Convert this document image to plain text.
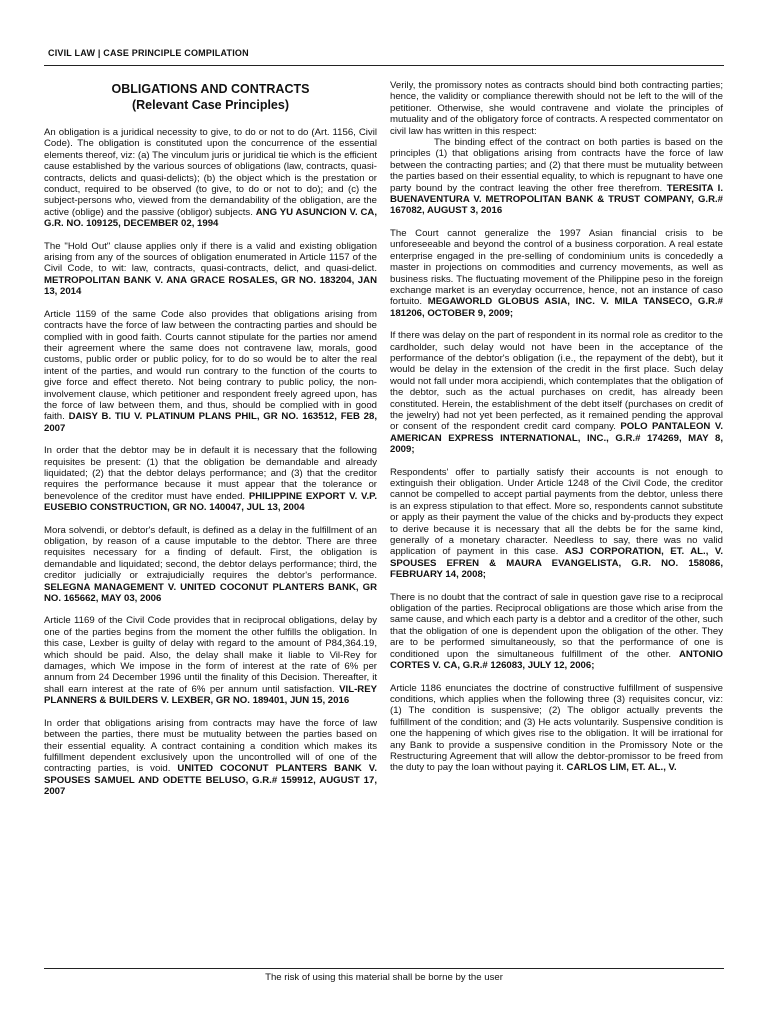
CIVIL LAW | CASE PRINCIPLE COMPILATION
OBLIGATIONS AND CONTRACTS
(Relevant Case Principles)

An obligation is a juridical necessity to give, to do or not to do (Art. 1156, Civil Code). The obligation is constituted upon the concurrence of the essential elements thereof, viz: (a) The vinculum juris or juridical tie which is the efficient cause established by the various sources of obligations (law, contracts, quasi-contracts, delicts and quasi-delicts); (b) the object which is the prestation or conduct, required to be observed (to give, to do or not to do); and (c) the subject-persons who, viewed from the demandability of the obligation, are the active (oblige) and the passive (obligor) subjects. ANG YU ASUNCION V. CA, G.R. NO. 109125, DECEMBER 02, 1994

The "Hold Out" clause applies only if there is a valid and existing obligation arising from any of the sources of obligation enumerated in Article 1157 of the Civil Code, to wit: law, contracts, quasi-contracts, delict, and quasi-delict. METROPOLITAN BANK V. ANA GRACE ROSALES, GR NO. 183204, JAN 13, 2014

Article 1159 of the same Code also provides that obligations arising from contracts have the force of law between the contracting parties and should be complied with in good faith. Courts cannot stipulate for the parties nor amend their agreement where the same does not contravene law, morals, good customs, public order or public policy, for to do so would be to alter the real intent of the parties, and would run contrary to the function of the courts to give force and effect thereto. Not being contrary to public policy, the non-involvement clause, which petitioner and respondent freely agreed upon, has the force of law between them, and thus, should be complied with in good faith. DAISY B. TIU V. PLATINUM PLANS PHIL, GR NO. 163512, FEB 28, 2007

In order that the debtor may be in default it is necessary that the following requisites be present: (1) that the obligation be demandable and already liquidated; (2) that the debtor delays performance; and (3) that the creditor requires the performance because it must appear that the tolerance or benevolence of the creditor must have ended. PHILIPPINE EXPORT V. V.P. EUSEBIO CONSTRUCTION, GR NO. 140047, JUL 13, 2004

Mora solvendi, or debtor's default, is defined as a delay in the fulfillment of an obligation, by reason of a cause imputable to the debtor. There are three requisites necessary for a finding of default. First, the obligation is demandable and liquidated; second, the debtor delays performance; third, the creditor judicially or extrajudicially requires the debtor's performance. SELEGNA MANAGEMENT V. UNITED COCONUT PLANTERS BANK, GR NO. 165662, MAY 03, 2006

Article 1169 of the Civil Code provides that in reciprocal obligations, delay by one of the parties begins from the moment the other fulfills the obligation. In this case, Lexber is guilty of delay with regard to the amount of P84,364.19, which should be paid. Also, the delay shall make it liable to Vil-Rey for damages, which We impose in the form of interest at the rate of 6% per annum from 24 December 1996 until the finality of this Decision. Thereafter, it shall earn interest at the rate of 6% per annum until satisfaction. VIL-REY PLANNERS & BUILDERS V. LEXBER, GR NO. 189401, JUN 15, 2016

In order that obligations arising from contracts may have the force of law between the parties, there must be mutuality between the parties based on their essential equality. A contract containing a condition which makes its fulfillment dependent exclusively upon the uncontrolled will of one of the contracting parties, is void. UNITED COCONUT PLANTERS BANK V. SPOUSES SAMUEL AND ODETTE BELUSO, G.R.# 159912, AUGUST 17, 2007

Verily, the promissory notes as contracts should bind both contracting parties; hence, the validity or compliance therewith should not be left to the will of the petitioner. Otherwise, she would contravene and violate the principles of mutuality and of the obligatory force of contracts. A respected commentator on civil law has written in this respect:

The binding effect of the contract on both parties is based on the principles (1) that obligations arising from contracts have the force of law between the contracting parties; and (2) that there must be mutuality between the parties based on their essential equality, to which is repugnant to have one party bound by the contract leaving the other free therefrom. TERESITA I. BUENAVENTURA V. METROPOLITAN BANK & TRUST COMPANY, G.R.# 167082, AUGUST 3, 2016

The Court cannot generalize the 1997 Asian financial crisis to be unforeseeable and beyond the control of a business corporation. A real estate enterprise engaged in the pre-selling of condominium units is concededly a master in projections on commodities and currency movements, as well as business risks. The fluctuating movement of the Philippine peso in the foreign exchange market is an everyday occurrence, hence, not an instance of caso fortuito. MEGAWORLD GLOBUS ASIA, INC. V. MILA TANSECO, G.R.# 181206, OCTOBER 9, 2009;

If there was delay on the part of respondent in its normal role as creditor to the cardholder, such delay would not have been in the acceptance of the performance of the debtor's obligation (i.e., the repayment of the debt), but it would be delay in the extension of the credit in the first place. Such delay would not fall under mora accipiendi, which contemplates that the obligation of the debtor, such as the actual purchases on credit, has already been constituted. Herein, the establishment of the debt itself (purchases on credit of the jewelry) had not yet been perfected, as it remained pending the approval or consent of the respondent credit card company. POLO PANTALEON V. AMERICAN EXPRESS INTERNATIONAL, INC., G.R.# 174269, MAY 8, 2009;

Respondents' offer to partially satisfy their accounts is not enough to extinguish their obligation. Under Article 1248 of the Civil Code, the creditor cannot be compelled to accept partial payments from the debtor, unless there is an express stipulation to that effect. More so, respondents cannot substitute or apply as their payment the value of the chicks and by-products they expect to derive because it is necessary that all the debts be for the same kind, generally of a monetary character. Needless to say, there was no valid application of payment in this case. ASJ CORPORATION, ET. AL., V. SPOUSES EFREN & MAURA EVANGELISTA, G.R. NO. 158086, FEBRUARY 14, 2008;

There is no doubt that the contract of sale in question gave rise to a reciprocal obligation of the parties. Reciprocal obligations are those which arise from the same cause, and which each party is a debtor and a creditor of the other, such that the obligation of one is dependent upon the obligation of the other. They are to be performed simultaneously, so that the performance of one is conditioned upon the simultaneous fulfillment of the other. ANTONIO CORTES V. CA, G.R.# 126083, JULY 12, 2006;

Article 1186 enunciates the doctrine of constructive fulfillment of suspensive conditions, which applies when the following three (3) requisites concur, viz: (1) The condition is suspensive; (2) The obligor actually prevents the fulfillment of the condition; and (3) He acts voluntarily. Suspensive condition is one the happening of which gives rise to the obligation. It will be irrational for any Bank to provide a suspensive condition in the Promissory Note or the Restructuring Agreement that will allow the debtor-promissor to be freed from the duty to pay the loan without paying it. CARLOS LIM, ET. AL., V.

The risk of using this material shall be borne by the user
